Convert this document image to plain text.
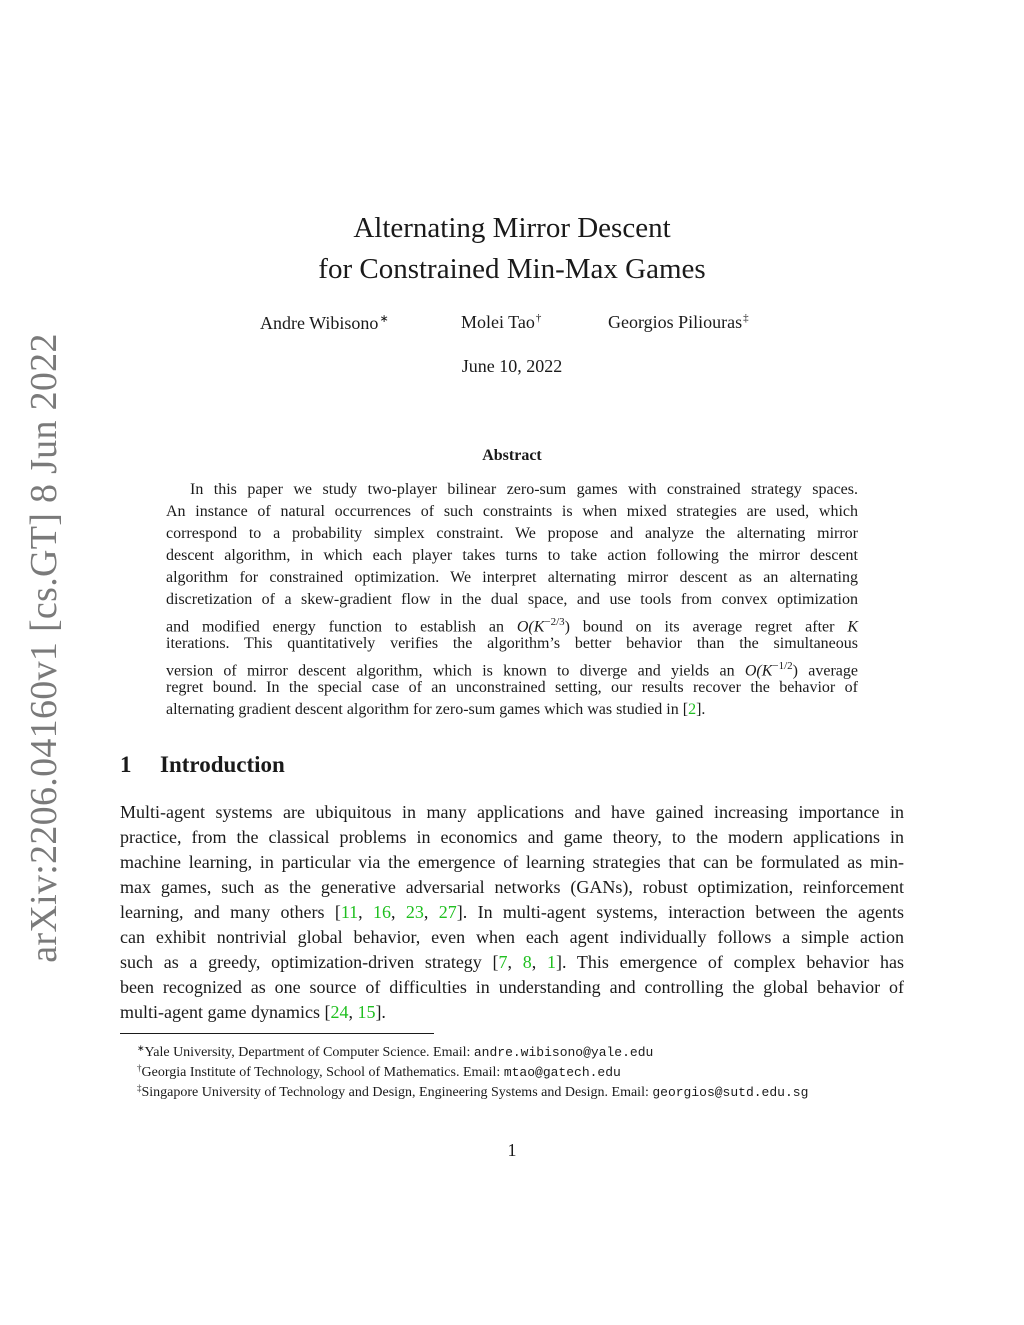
arXiv:2206.04160v1 [cs.GT] 8 Jun 2022
Alternating Mirror Descent
for Constrained Min-Max Games
Andre Wibisono∗	Molei Tao†	Georgios Piliouras‡
June 10, 2022
Abstract
In this paper we study two-player bilinear zero-sum games with constrained strategy spaces.
An instance of natural occurrences of such constraints is when mixed strategies are used, which
correspond to a probability simplex constraint. We propose and analyze the alternating mirror
descent algorithm, in which each player takes turns to take action following the mirror descent
algorithm for constrained optimization. We interpret alternating mirror descent as an alternating
discretization of a skew-gradient flow in the dual space, and use tools from convex optimization
and modified energy function to establish an $O(K^{-2/3})$ bound on its average regret after K
iterations. This quantitatively verifies the algorithm’s better behavior than the simultaneous
version of mirror descent algorithm, which is known to diverge and yields an $O(K^{-1/2})$ average
regret bound. In the special case of an unconstrained setting, our results recover the behavior of
alternating gradient descent algorithm for zero-sum games which was studied in [2].
1 Introduction
Multi-agent systems are ubiquitous in many applications and have gained increasing importance in
practice, from the classical problems in economics and game theory, to the modern applications in
machine learning, in particular via the emergence of learning strategies that can be formulated as min-
max games, such as the generative adversarial networks (GANs), robust optimization, reinforcement
learning, and many others [11, 16, 23, 27]. In multi-agent systems, interaction between the agents
can exhibit nontrivial global behavior, even when each agent individually follows a simple action
such as a greedy, optimization-driven strategy [7, 8, 1]. This emergence of complex behavior has
been recognized as one source of difficulties in understanding and controlling the global behavior of
multi-agent game dynamics [24, 15].
∗Yale University, Department of Computer Science. Email: andre.wibisono@yale.edu
†Georgia Institute of Technology, School of Mathematics. Email: mtao@gatech.edu
‡Singapore University of Technology and Design, Engineering Systems and Design. Email: georgios@sutd.edu.sg
1
